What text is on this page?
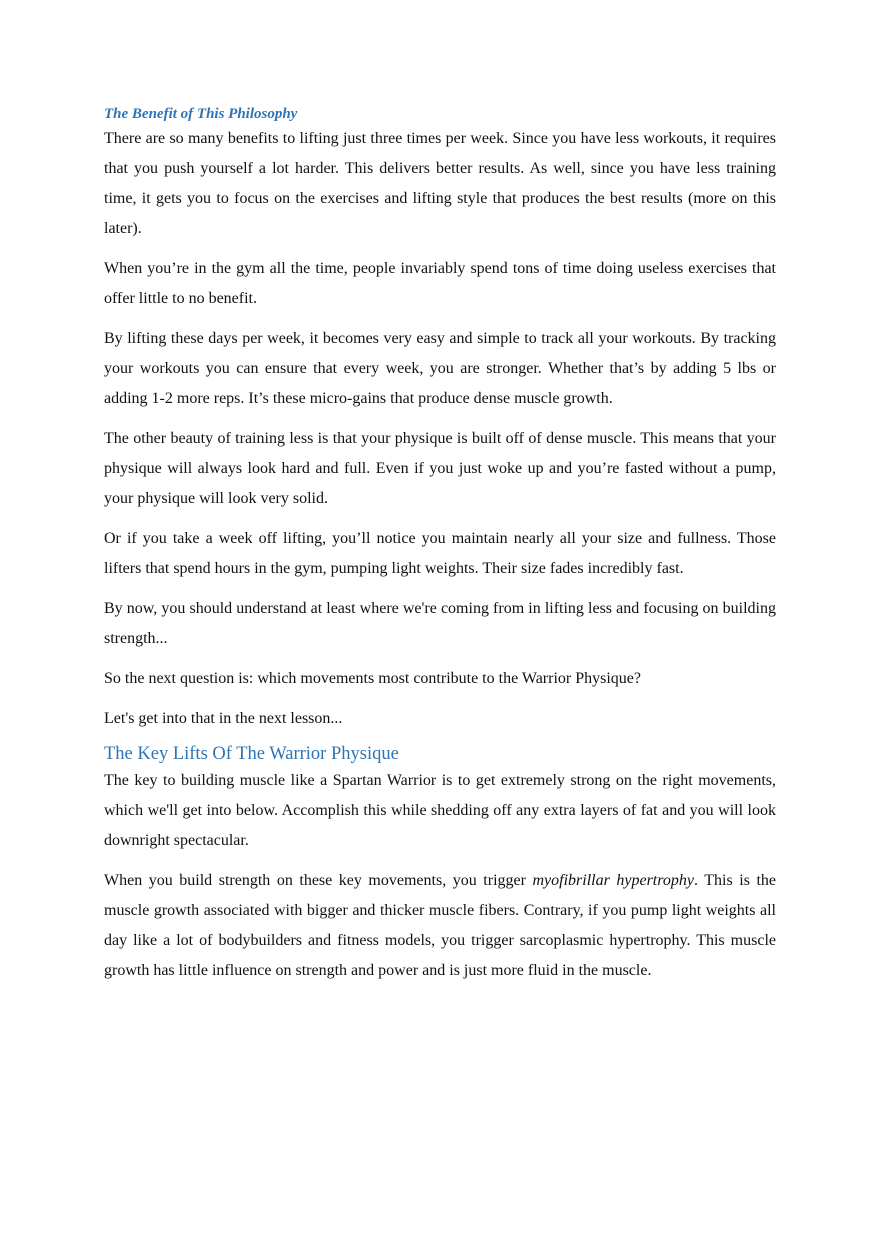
The Benefit of This Philosophy

There are so many benefits to lifting just three times per week. Since you have less workouts, it requires that you push yourself a lot harder. This delivers better results. As well, since you have less training time, it gets you to focus on the exercises and lifting style that produces the best results (more on this later).

When you’re in the gym all the time, people invariably spend tons of time doing useless exercises that offer little to no benefit.

By lifting these days per week, it becomes very easy and simple to track all your workouts. By tracking your workouts you can ensure that every week, you are stronger. Whether that’s by adding 5 lbs or adding 1-2 more reps. It’s these micro-gains that produce dense muscle growth.

The other beauty of training less is that your physique is built off of dense muscle. This means that your physique will always look hard and full. Even if you just woke up and you’re fasted without a pump, your physique will look very solid.

Or if you take a week off lifting, you’ll notice you maintain nearly all your size and fullness. Those lifters that spend hours in the gym, pumping light weights. Their size fades incredibly fast.

By now, you should understand at least where we're coming from in lifting less and focusing on building strength...

So the next question is: which movements most contribute to the Warrior Physique?

Let's get into that in the next lesson...

The Key Lifts Of The Warrior Physique

The key to building muscle like a Spartan Warrior is to get extremely strong on the right movements, which we'll get into below. Accomplish this while shedding off any extra layers of fat and you will look downright spectacular.

When you build strength on these key movements, you trigger myofibrillar hypertrophy. This is the muscle growth associated with bigger and thicker muscle fibers. Contrary, if you pump light weights all day like a lot of bodybuilders and fitness models, you trigger sarcoplasmic hypertrophy. This muscle growth has little influence on strength and power and is just more fluid in the muscle.
